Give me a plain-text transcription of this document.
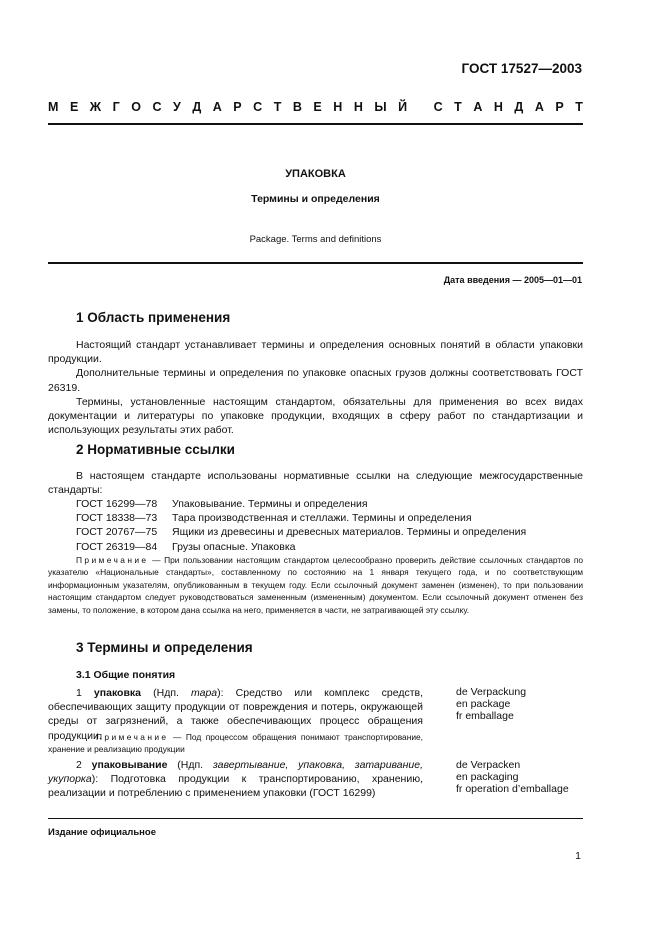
ГОСТ 17527—2003
М Е Ж Г О С У Д А Р С Т В Е Н Н Ы Й
С Т А Н Д А Р Т
УПАКОВКА
Термины и определения
Package. Terms and definitions
Дата введения — 2005—01—01
1 Область применения
Настоящий стандарт устанавливает термины и определения основных понятий в области упаковки продукции.
Дополнительные термины и определения по упаковке опасных грузов должны соответствовать ГОСТ 26319.
Термины, установленные настоящим стандартом, обязательны для применения во всех видах документации и литературы по упаковке продукции, входящих в сферу работ по стандартизации и использующих результаты этих работ.
2 Нормативные ссылки
В настоящем стандарте использованы нормативные ссылки на следующие межгосударственные стандарты:
ГОСТ 16299—78 Упаковывание. Термины и определения
ГОСТ 18338—73 Тара производственная и стеллажи. Термины и определения
ГОСТ 20767—75 Ящики из древесины и древесных материалов. Термины и определения
ГОСТ 26319—84 Грузы опасные. Упаковка
Примечание — При пользовании настоящим стандартом целесообразно проверить действие ссылочных стандартов по указателю «Национальные стандарты», составленному по состоянию на 1 января текущего года, и по соответствующим информационным указателям, опубликованным в текущем году. Если ссылочный документ заменен (изменен), то при пользовании настоящим стандартом следует руководствоваться замененным (измененным) документом. Если ссылочный документ отменен без замены, то положение, в котором дана ссылка на него, применяется в части, не затрагивающей эту ссылку.
3 Термины и определения
3.1 Общие понятия
1 упаковка (Ндп. тара): Средство или комплекс средств, обеспечивающих защиту продукции от повреждения и потерь, окружающей среды от загрязнений, а также обеспечивающих процесс обращения продукции.
Примечание — Под процессом обращения понимают транспортирование, хранение и реализацию продукции
de Verpackung
en package
fr emballage
2 упаковывание (Ндп. завертывание, упаковка, затаривание, укупорка): Подготовка продукции к транспортированию, хранению, реализации и потреблению с применением упаковки (ГОСТ 16299)
de Verpacken
en packaging
fr operation d’emballage
Издание официальное
1
